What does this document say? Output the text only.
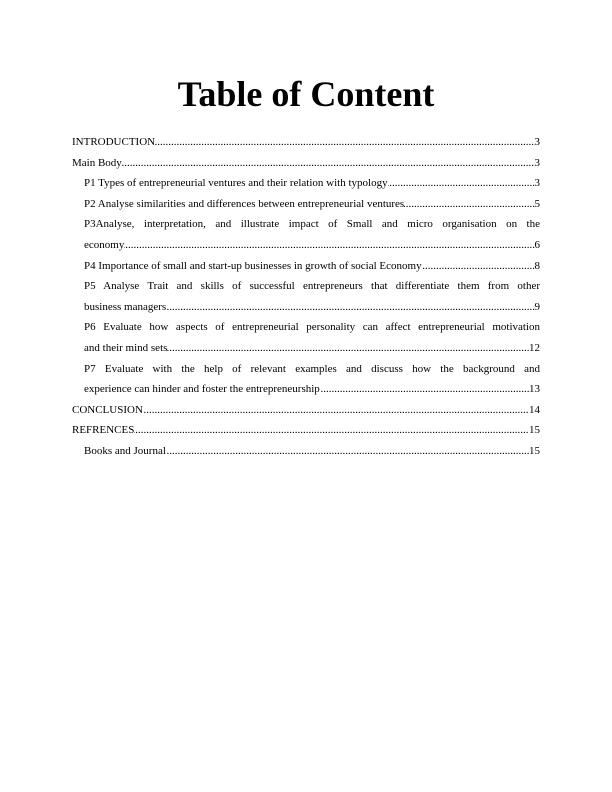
Table of Content
.....
INTRODUCTION	3
.....
Main Body	3
.....
P1 Types of entrepreneurial ventures and their relation with typology	3
.....
P2 Analyse similarities and differences between entrepreneurial ventures	5
P3Analyse, interpretation, and illustrate impact of Small and micro organisation on the
.....
economy	6
.....
P4 Importance of small and start-up businesses in growth of social Economy	8
P5 Analyse Trait and skills of successful entrepreneurs that differentiate them from other
.....
business managers	9
P6 Evaluate how aspects of entrepreneurial personality can affect entrepreneurial motivation
.....
and their mind sets	12
P7 Evaluate with the help of relevant examples and discuss how the background and
.....
experience can hinder and foster the entrepreneurship	13
.....
CONCLUSION	14
.....
REFRENCES	15
.....
Books and Journal	15
